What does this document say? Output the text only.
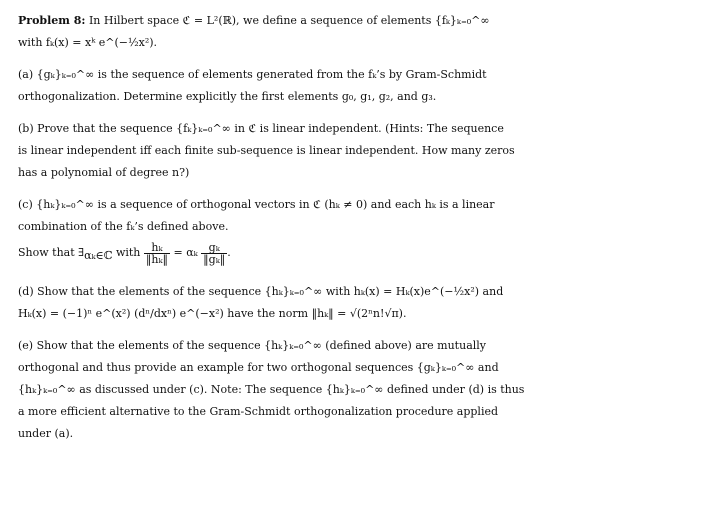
Problem 8: In Hilbert space ℭ = L²(ℝ), we define a sequence of elements {fₖ}ₖ₌₀^∞
with fₖ(x) = xᵏ e^(−½x²).
(a) {gₖ}ₖ₌₀^∞ is the sequence of elements generated from the fₖ’s by Gram-Schmidt
orthogonalization. Determine explicitly the first elements g₀, g₁, g₂, and g₃.
(b) Prove that the sequence {fₖ}ₖ₌₀^∞ in ℭ is linear independent. (Hints: The sequence
is linear independent iff each finite sub-sequence is linear independent. How many zeros
has a polynomial of degree n?)
(c) {hₖ}ₖ₌₀^∞ is a sequence of orthogonal vectors in ℭ (hₖ ≠ 0) and each hₖ is a linear
combination of the fₖ’s defined above.
Show that $\exists_{\alpha_k\in ℂ}$ with $\frac{\text{hₖ}}{\text{‖hₖ‖}} = \alpha_k \frac{\text{gₖ}}{\text{‖gₖ‖}}$ .
(d) Show that the elements of the sequence {hₖ}ₖ₌₀^∞ with hₖ(x) = Hₖ(x)e^(−½x²) and
Hₖ(x) = (−1)ⁿ e^(x²) (dⁿ/dxⁿ) e^(−x²) have the norm ‖hₖ‖ = √(2ⁿn!√π).
(e) Show that the elements of the sequence {hₖ}ₖ₌₀^∞ (defined above) are mutually
orthogonal and thus provide an example for two orthogonal sequences {gₖ}ₖ₌₀^∞ and
{hₖ}ₖ₌₀^∞ as discussed under (c). Note: The sequence {hₖ}ₖ₌₀^∞ defined under (d) is thus
a more efficient alternative to the Gram-Schmidt orthogonalization procedure applied
under (a).
